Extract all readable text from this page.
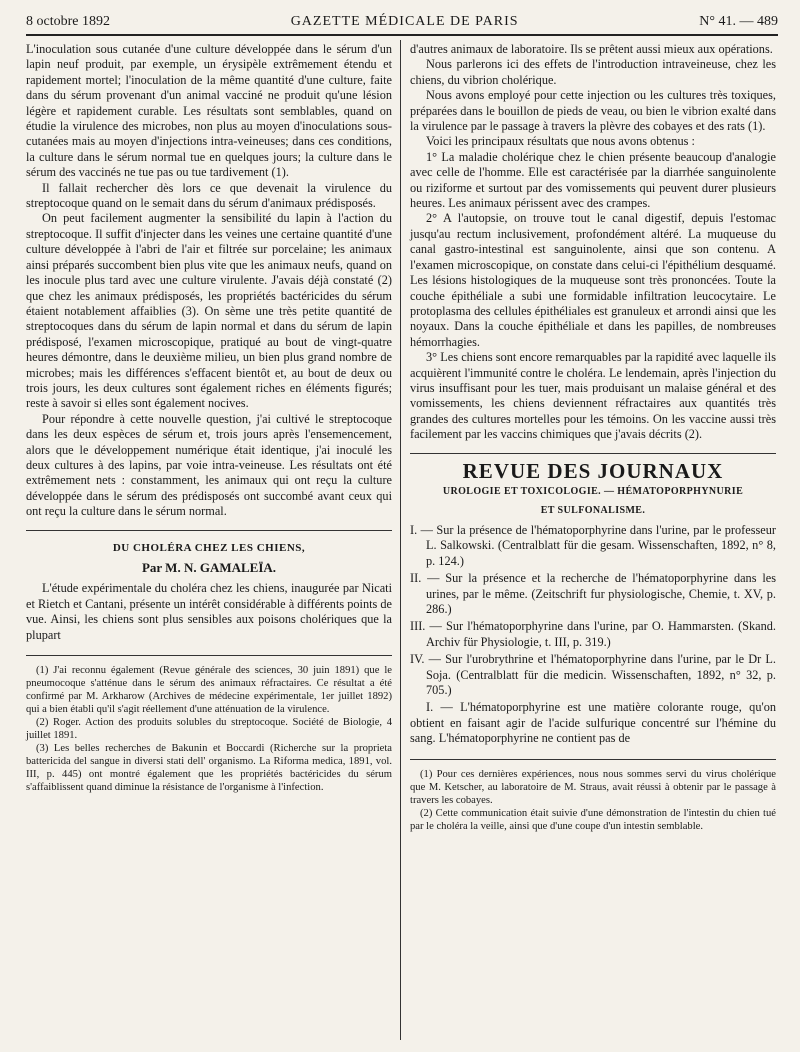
8 octobre 1892	GAZETTE MÉDICALE DE PARIS	N° 41. — 489

L'inoculation sous cutanée d'une culture développée dans le sérum d'un lapin neuf produit, par exemple, un érysipèle extrêmement étendu et rapidement mortel; l'inoculation de la même quantité d'une culture, faite dans du sérum provenant d'un animal vacciné ne produit qu'une lésion légère et rapidement curable. Les résultats sont semblables, quand on étudie la virulence des microbes, non plus au moyen d'inoculations sous-cutanées mais au moyen d'injections intra-veineuses; dans ces conditions, la culture dans le sérum normal tue en quelques jours; la culture dans le sérum des vaccinés ne tue pas ou tue tardivement (1).

Il fallait rechercher dès lors ce que devenait la virulence du streptocoque quand on le semait dans du sérum d'animaux prédisposés.

On peut facilement augmenter la sensibilité du lapin à l'action du streptocoque. Il suffit d'injecter dans les veines une certaine quantité d'une culture développée à l'abri de l'air et filtrée sur porcelaine; les animaux ainsi préparés succombent bien plus vite que les animaux neufs, quand on les inocule plus tard avec une culture virulente. J'avais déjà constaté (2) que chez les animaux prédisposés, les propriétés bactéricides du sérum étaient notablement affaiblies (3). On sème une très petite quantité de streptocoques dans du sérum de lapin normal et dans du sérum de lapin prédisposé, l'examen microscopique, pratiqué au bout de vingt-quatre heures démontre, dans le deuxième milieu, un bien plus grand nombre de microbes; mais les différences s'effacent bientôt et, au bout de deux ou trois jours, les deux cultures sont également riches en éléments figurés; reste à savoir si elles sont également nocives.

Pour répondre à cette nouvelle question, j'ai cultivé le streptocoque dans les deux espèces de sérum et, trois jours après l'ensemencement, alors que le développement numérique était identique, j'ai inoculé les deux cultures à des lapins, par voie intra-veineuse. Les résultats ont été extrêmement nets : constamment, les animaux qui ont reçu la culture développée dans le sérum des prédisposés ont succombé avant ceux qui ont reçu la culture dans le sérum normal.

DU CHOLÉRA CHEZ LES CHIENS,
Par M. N. GAMALEÏA.

L'étude expérimentale du choléra chez les chiens, inaugurée par Nicati et Rietch et Cantani, présente un intérêt considérable à différents points de vue. Ainsi, les chiens sont plus sensibles aux poisons cholériques que la plupart

(1) J'ai reconnu également (Revue générale des sciences, 30 juin 1891) que le pneumocoque s'atténue dans le sérum des animaux réfractaires. Ce résultat a été confirmé par M. Arkharow (Archives de médecine expérimentale, 1er juillet 1892) qui a bien établi qu'il s'agit réellement d'une atténuation de la virulence.

(2) Roger. Action des produits solubles du streptocoque. Société de Biologie, 4 juillet 1891.

(3) Les belles recherches de Bakunin et Boccardi (Richerche sur la proprieta battericida del sangue in diversi stati dell' organismo. La Riforma medica, 1891, vol. III, p. 445) ont montré également que les propriétés bactéricides du sérum s'affaiblissent quand diminue la résistance de l'organisme à l'infection.

d'autres animaux de laboratoire. Ils se prêtent aussi mieux aux opérations.

Nous parlerons ici des effets de l'introduction intraveineuse, chez les chiens, du vibrion cholérique.

Nous avons employé pour cette injection ou les cultures très toxiques, préparées dans le bouillon de pieds de veau, ou bien le vibrion exalté dans la virulence par le passage à travers la plèvre des cobayes et des rats (1).

Voici les principaux résultats que nous avons obtenus :

1° La maladie cholérique chez le chien présente beaucoup d'analogie avec celle de l'homme. Elle est caractérisée par la diarrhée sanguinolente ou riziforme et surtout par des vomissements qui peuvent durer plusieurs heures. Les animaux périssent avec des crampes.

2° A l'autopsie, on trouve tout le canal digestif, depuis l'estomac jusqu'au rectum inclusivement, profondément altéré. La muqueuse du canal gastro-intestinal est sanguinolente, ainsi que son contenu. A l'examen microscopique, on constate dans celui-ci l'épithélium desquamé. Les lésions histologiques de la muqueuse sont très prononcées. Toute la couche épithéliale a subi une formidable infiltration leucocytaire. Le protoplasma des cellules épithéliales est granuleux et arrondi ainsi que les noyaux. Dans la couche épithéliale et dans les papilles, de nombreuses hémorrhagies.

3° Les chiens sont encore remarquables par la rapidité avec laquelle ils acquièrent l'immunité contre le choléra. Le lendemain, après l'injection du virus insuffisant pour les tuer, mais produisant un malaise général et des vomissements, les chiens deviennent réfractaires aux quantités très grandes des cultures mortelles pour les témoins. On les vaccine aussi très facilement par les vaccins chimiques que j'avais décrits (2).

REVUE DES JOURNAUX
UROLOGIE ET TOXICOLOGIE. — HÉMATOPORPHYNURIE
ET SULFONALISME.

I. — Sur la présence de l'hématoporphyrine dans l'urine, par le professeur L. Salkowski. (Centralblatt für die gesam. Wissenschaften, 1892, n° 8, p. 124.)

II. — Sur la présence et la recherche de l'hématoporphyrine dans les urines, par le même. (Zeitschrift fur physiologische, Chemie, t. XV, p. 286.)

III. — Sur l'hématoporphyrine dans l'urine, par O. Hammarsten. (Skand. Archiv für Physiologie, t. III, p. 319.)

IV. — Sur l'urobrythrine et l'hématoporphyrine dans l'urine, par le Dr L. Soja. (Centralblatt für die medicin. Wissenschaften, 1892, n° 32, p. 705.)

I. — L'hématoporphyrine est une matière colorante rouge, qu'on obtient en faisant agir de l'acide sulfurique concentré sur l'hémine du sang. L'hématoporphyrine ne contient pas de

(1) Pour ces dernières expériences, nous nous sommes servi du virus cholérique que M. Ketscher, au laboratoire de M. Straus, avait réussi à obtenir par le passage à travers les cobayes.

(2) Cette communication était suivie d'une démonstration de l'intestin du chien tué par le choléra la veille, ainsi que d'une coupe d'un intestin semblable.
